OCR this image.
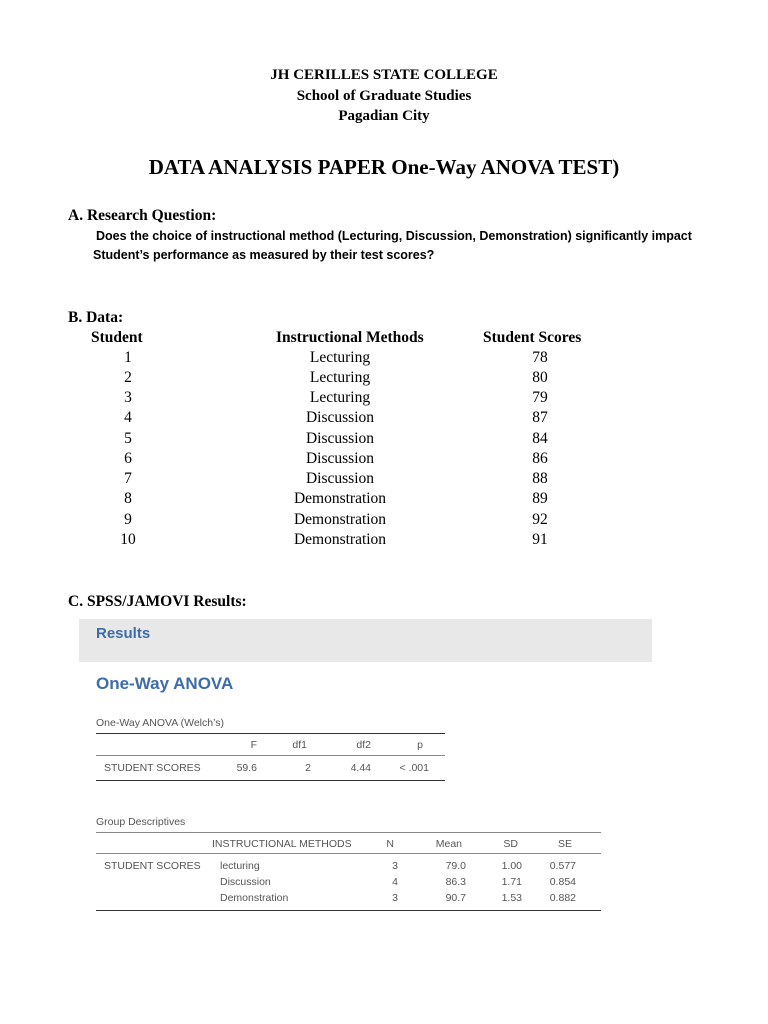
JH CERILLES STATE COLLEGE
School of Graduate Studies
Pagadian City
DATA ANALYSIS PAPER One-Way ANOVA TEST)
A. Research Question:
Does the choice of instructional method (Lecturing, Discussion, Demonstration) significantly impact
Student’s performance as measured by their test scores?
B. Data:
Student	Instructional Methods	Student Scores
1	Lecturing	78
2	Lecturing	80
3	Lecturing	79
4	Discussion	87
5	Discussion	84
6	Discussion	86
7	Discussion	88
8	Demonstration	89
9	Demonstration	92
10	Demonstration	91
C. SPSS/JAMOVI Results:
Results
One-Way ANOVA
One-Way ANOVA (Welch’s)
	F	df1	df2	p	
STUDENT SCORES	59.6	2	4.44	< .001	
Group Descriptives
	INSTRUCTIONAL METHODS	N	Mean	SD	SE	
STUDENT SCORES	lecturing	3	79.0	1.00	0.577	
	Discussion	4	86.3	1.71	0.854	
	Demonstration	3	90.7	1.53	0.882	
